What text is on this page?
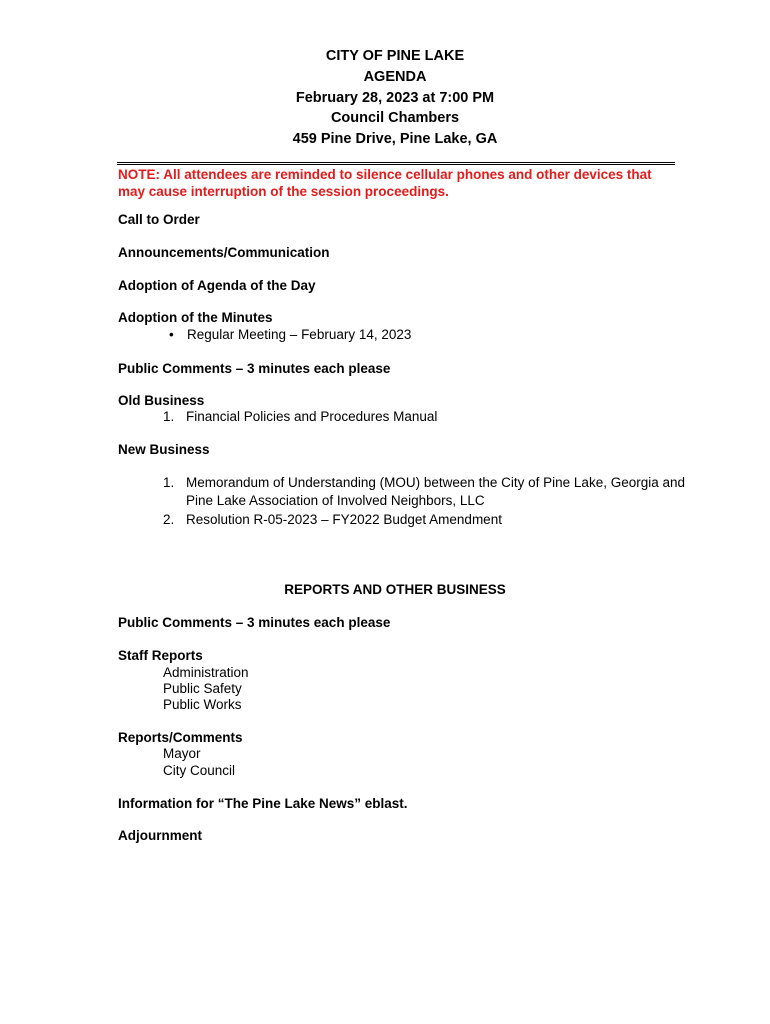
CITY OF PINE LAKE
AGENDA
February 28, 2023 at 7:00 PM
Council Chambers
459 Pine Drive, Pine Lake, GA
NOTE: All attendees are reminded to silence cellular phones and other devices that may cause interruption of the session proceedings.
Call to Order
Announcements/Communication
Adoption of Agenda of the Day
Adoption of the Minutes
• Regular Meeting – February 14, 2023
Public Comments – 3 minutes each please
Old Business
1. Financial Policies and Procedures Manual
New Business
1. Memorandum of Understanding (MOU) between the City of Pine Lake, Georgia and
Pine Lake Association of Involved Neighbors, LLC
2. Resolution R-05-2023 – FY2022 Budget Amendment
REPORTS AND OTHER BUSINESS
Public Comments – 3 minutes each please
Staff Reports
Administration
Public Safety
Public Works
Reports/Comments
Mayor
City Council
Information for “The Pine Lake News” eblast.
Adjournment
